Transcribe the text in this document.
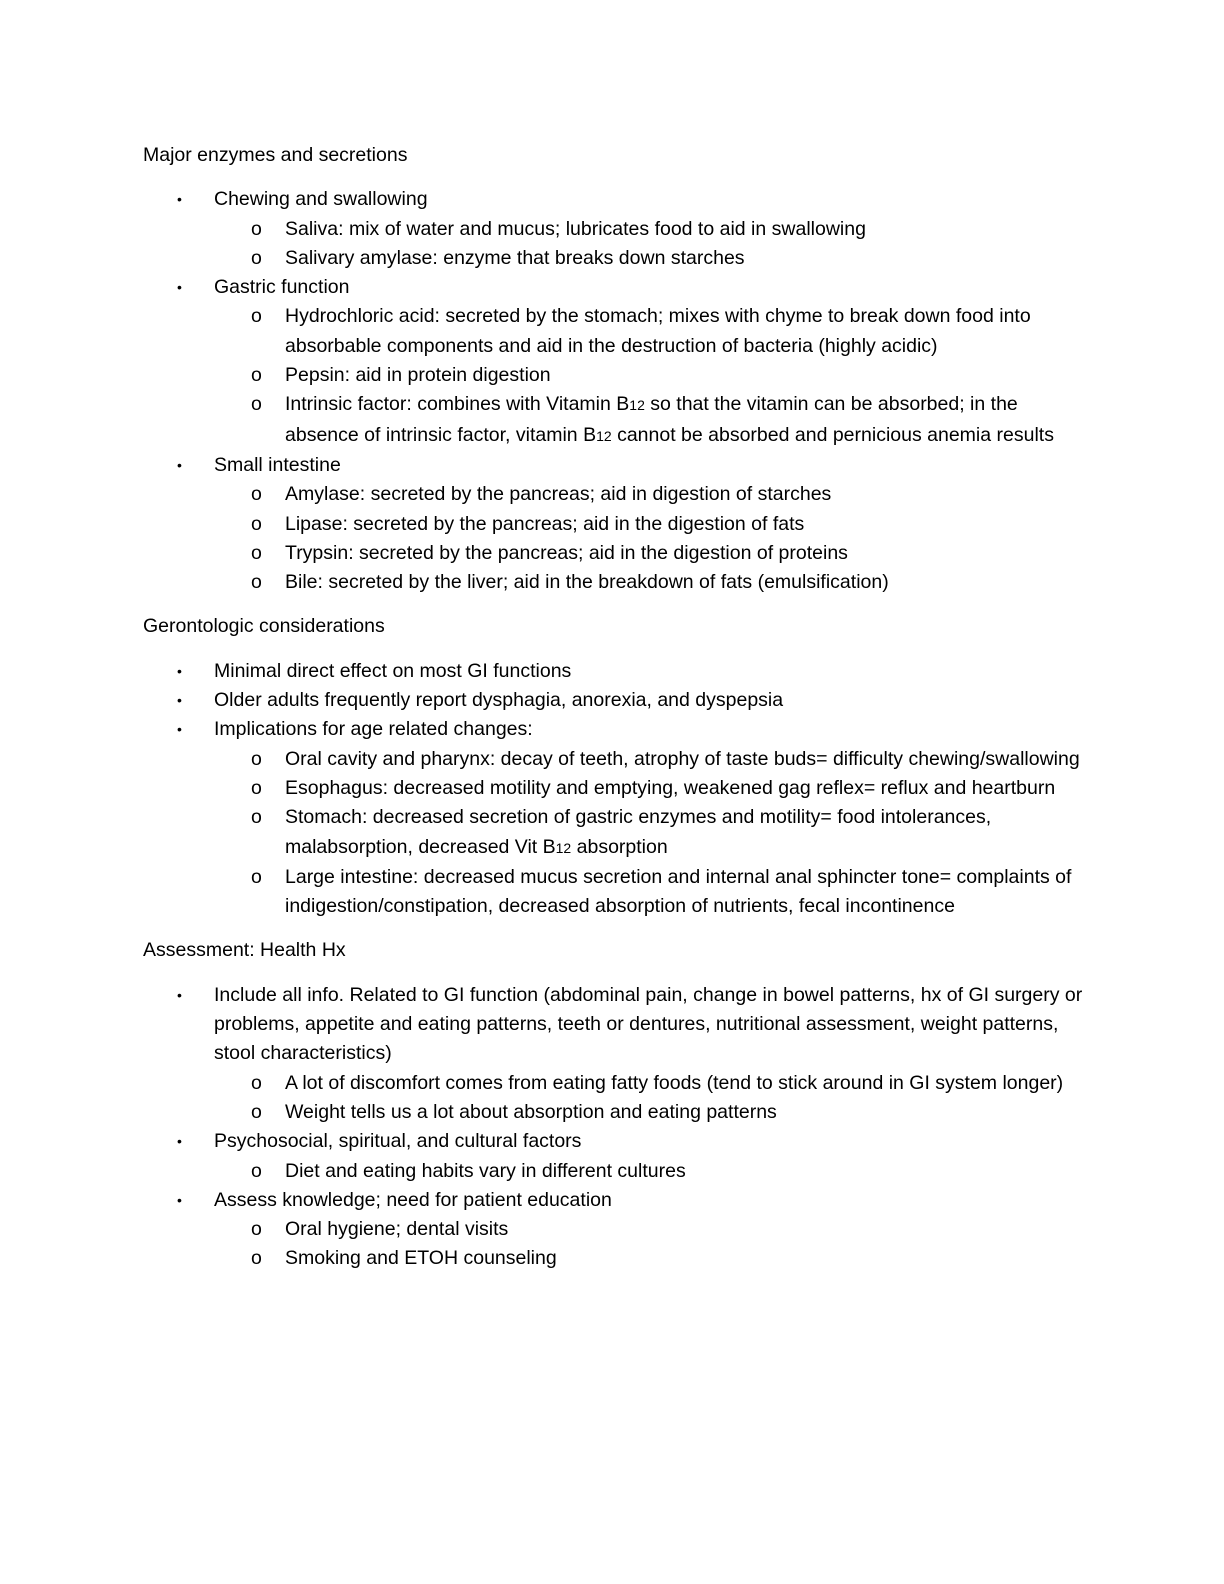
Major enzymes and secretions
• Chewing and swallowing
o Saliva: mix of water and mucus; lubricates food to aid in swallowing
o Salivary amylase: enzyme that breaks down starches
• Gastric function
o Hydrochloric acid: secreted by the stomach; mixes with chyme to break down food into absorbable components and aid in the destruction of bacteria (highly acidic)
o Pepsin: aid in protein digestion
o Intrinsic factor: combines with Vitamin B12 so that the vitamin can be absorbed; in the absence of intrinsic factor, vitamin B12 cannot be absorbed and pernicious anemia results
• Small intestine
o Amylase: secreted by the pancreas; aid in digestion of starches
o Lipase: secreted by the pancreas; aid in the digestion of fats
o Trypsin: secreted by the pancreas; aid in the digestion of proteins
o Bile: secreted by the liver; aid in the breakdown of fats (emulsification)
Gerontologic considerations
• Minimal direct effect on most GI functions
• Older adults frequently report dysphagia, anorexia, and dyspepsia
• Implications for age related changes:
o Oral cavity and pharynx: decay of teeth, atrophy of taste buds= difficulty chewing/swallowing
o Esophagus: decreased motility and emptying, weakened gag reflex= reflux and heartburn
o Stomach: decreased secretion of gastric enzymes and motility= food intolerances, malabsorption, decreased Vit B12 absorption
o Large intestine: decreased mucus secretion and internal anal sphincter tone= complaints of indigestion/constipation, decreased absorption of nutrients, fecal incontinence
Assessment: Health Hx
• Include all info. Related to GI function (abdominal pain, change in bowel patterns, hx of GI surgery or problems, appetite and eating patterns, teeth or dentures, nutritional assessment, weight patterns, stool characteristics)
o A lot of discomfort comes from eating fatty foods (tend to stick around in GI system longer)
o Weight tells us a lot about absorption and eating patterns
• Psychosocial, spiritual, and cultural factors
o Diet and eating habits vary in different cultures
• Assess knowledge; need for patient education
o Oral hygiene; dental visits
o Smoking and ETOH counseling
